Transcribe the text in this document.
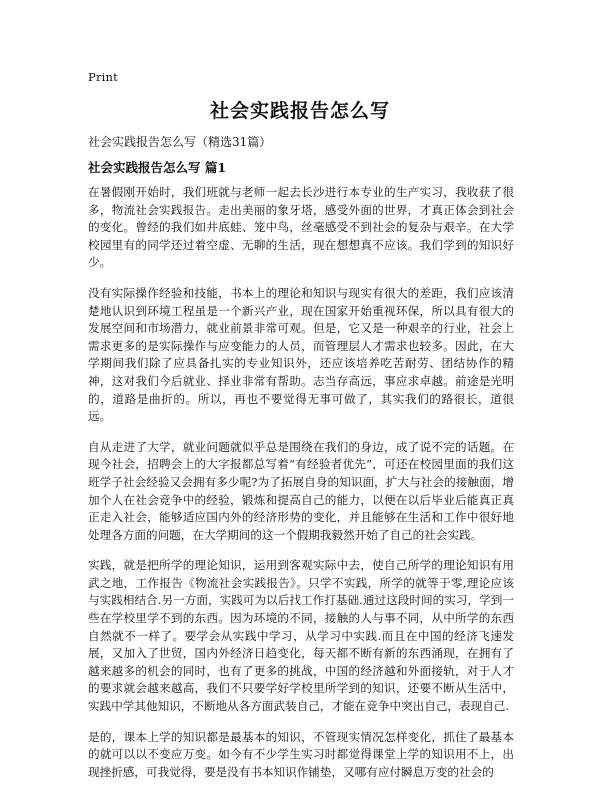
Print
社会实践报告怎么写
社会实践报告怎么写（精选31篇）
社会实践报告怎么写 篇1

在暑假刚开始时，我们班就与老师一起去长沙进行本专业的生产实习，我收获了很多，物流社会实践报告。走出美丽的象牙塔，感受外面的世界，才真正体会到社会的变化。曾经的我们如井底蛙、笼中鸟，丝毫感受不到社会的复杂与艰辛。在大学校园里有的同学还过着空虚、无聊的生活，现在想想真不应该。我们学到的知识好少。

没有实际操作经验和技能，书本上的理论和知识与现实有很大的差距，我们应该清楚地认识到环境工程虽是一个新兴产业，现在国家开始重视环保，所以具有很大的发展空间和市场潜力，就业前景非常可观。但是，它又是一种艰辛的行业，社会上需求更多的是实际操作与应变能力的人员，而管理层人才需求也较多。因此，在大学期间我们除了应具备扎实的专业知识外，还应该培养吃苦耐劳、团结协作的精神，这对我们今后就业、择业非常有帮助。志当存高远，事应求卓越。前途是光明的，道路是曲折的。所以，再也不要觉得无事可做了，其实我们的路很长，道很远。

自从走进了大学，就业问题就似乎总是围绕在我们的身边，成了说不完的话题。在现今社会，招聘会上的大字报都总写着“有经验者优先”，可还在校园里面的我们这班学子社会经验又会拥有多少呢?为了拓展自身的知识面，扩大与社会的接触面，增加个人在社会竞争中的经验，锻炼和提高自己的能力，以便在以后毕业后能真正真正走入社会，能够适应国内外的经济形势的变化，并且能够在生活和工作中很好地处理各方面的问题，在大学期间的这一个假期我毅然开始了自己的社会实践。

实践，就是把所学的理论知识，运用到客观实际中去，使自己所学的理论知识有用武之地，工作报告《物流社会实践报告》。只学不实践，所学的就等于零,理论应该与实践相结合.另一方面，实践可为以后找工作打基础.通过这段时间的实习，学到一些在学校里学不到的东西。因为环境的不同，接触的人与事不同，从中所学的东西自然就不一样了。要学会从实践中学习，从学习中实践.而且在中国的经济飞速发展，又加入了世贸，国内外经济日趋变化，每天都不断有新的东西涌现，在拥有了越来越多的机会的同时，也有了更多的挑战，中国的经济越和外面接轨，对于人才的要求就会越来越高，我们不只要学好学校里所学到的知识，还要不断从生活中，实践中学其他知识，不断地从各方面武装自己，才能在竞争中突出自己，表现自己.

是的，课本上学的知识都是最基本的知识，不管现实情况怎样变化，抓住了最基本的就可以以不变应万变。如今有不少学生实习时都觉得课堂上学的知识用不上，出现挫折感，可我觉得，要是没有书本知识作铺垫，又哪有应付瞬息万变的社会的
